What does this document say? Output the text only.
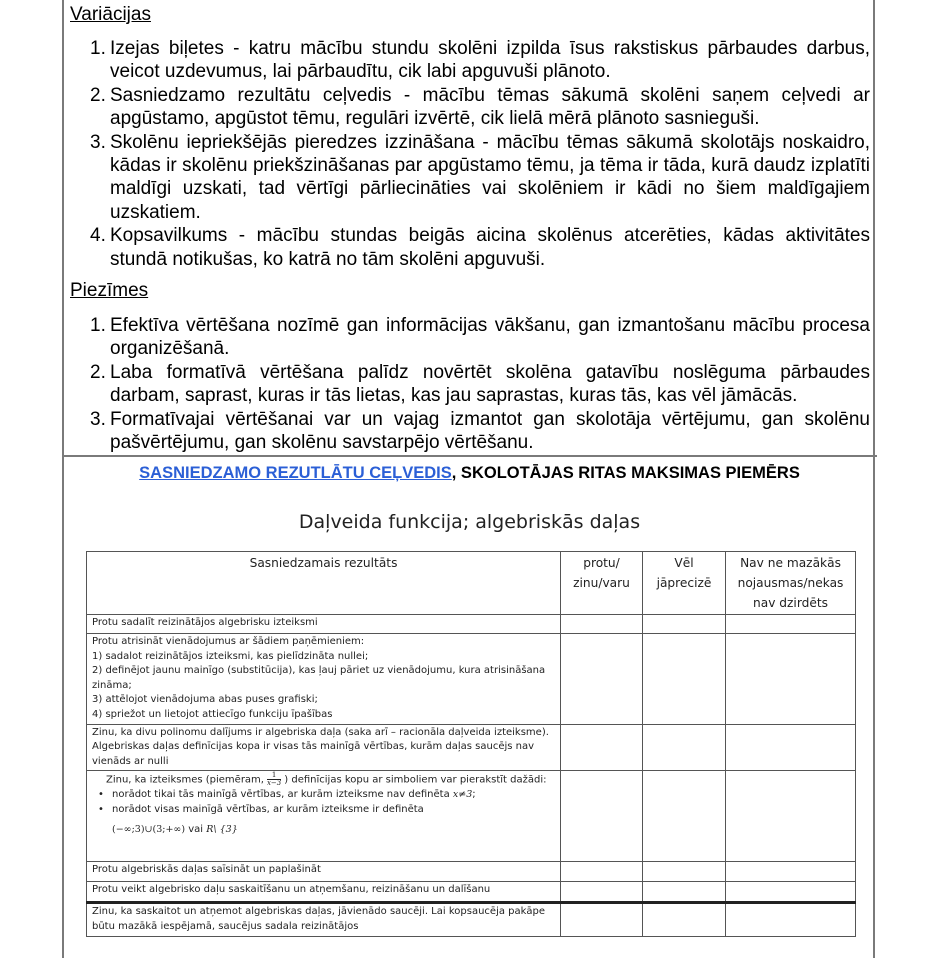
Variācijas
1. Izejas biļetes - katru mācību stundu skolēni izpilda īsus rakstiskus pārbaudes darbus, veicot uzdevumus, lai pārbaudītu, cik labi apguvuši plānoto.
2. Sasniedzamo rezultātu ceļvedis - mācību tēmas sākumā skolēni saņem ceļvedi ar apgūstamo, apgūstot tēmu, regulāri izvērtē, cik lielā mērā plānoto sasnieguši.
3. Skolēnu iepriekšējās pieredzes izzināšana - mācību tēmas sākumā skolotājs noskaidro, kādas ir skolēnu priekšzināšanas par apgūstamo tēmu, ja tēma ir tāda, kurā daudz izplatīti maldīgi uzskati, tad vērtīgi pārliecināties vai skolēniem ir kādi no šiem maldīgajiem uzskatiem.
4. Kopsavilkums - mācību stundas beigās aicina skolēnus atcerēties, kādas aktivitātes stundā notikušas, ko katrā no tām skolēni apguvuši.
Piezīmes
1. Efektīva vērtēšana nozīmē gan informācijas vākšanu, gan izmantošanu mācību procesa organizēšanā.
2. Laba formatīvā vērtēšana palīdz novērtēt skolēna gatavību noslēguma pārbaudes darbam, saprast, kuras ir tās lietas, kas jau saprastas, kuras tās, kas vēl jāmācās.
3. Formatīvajai vērtēšanai var un vajag izmantot gan skolotāja vērtējumu, gan skolēnu pašvērtējumu, gan skolēnu savstarpējo vērtēšanu.
SASNIEDZAMO REZUTLĀTU CEĻVEDIS, SKOLOTĀJAS RITAS MAKSIMAS PIEMĒRS
Daļveida funkcija; algebriskās daļas
Sasniedzamais rezultāts	protu/ zinu/varu	Vēl jāprecizē	Nav ne mazākās nojausmas/nekas nav dzirdēts
Protu sadalīt reizinātājos algebrisku izteiksmi			

Protu atrisināt vienādojumus ar šādiem paņēmieniem:
1) sadalot reizinātājos izteiksmi, kas pielīdzināta nullei;
2) definējot jaunu mainīgo (substitūcija), kas ļauj pāriet uz vienādojumu, kura atrisināšana zināma;
3) attēlojot vienādojuma abas puses grafiski;
4) spriežot un lietojot attiecīgo funkciju īpašības			

Zinu, ka divu polinomu dalījums ir algebriska daļa (saka arī – racionāla daļveida izteiksme). Algebriskas daļas definīcijas kopa ir visas tās mainīgā vērtības, kurām daļas saucējs nav vienāds ar nulli			

Zinu, ka izteiksmes (piemēram, $\frac{1}{x-3}$ ) definīcijas kopu ar simboliem var pierakstīt dažādi:
• norādot tikai tās mainīgā vērtības, ar kurām izteiksme nav definēta x≠3;
• norādot visas mainīgā vērtības, ar kurām izteiksme ir definēta
(−∞;3)∪(3;+∞) vai R\ {3}

Protu algebriskās daļas saīsināt un paplašināt			
Protu veikt algebrisko daļu saskaitīšanu un atņemšanu, reizināšanu un dalīšanu			
Zinu, ka saskaitot un atņemot algebriskas daļas, jāvienādo saucēji. Lai kopsaucēja pakāpe būtu mazākā iespējamā, saucējus sadala reizinātājos			
